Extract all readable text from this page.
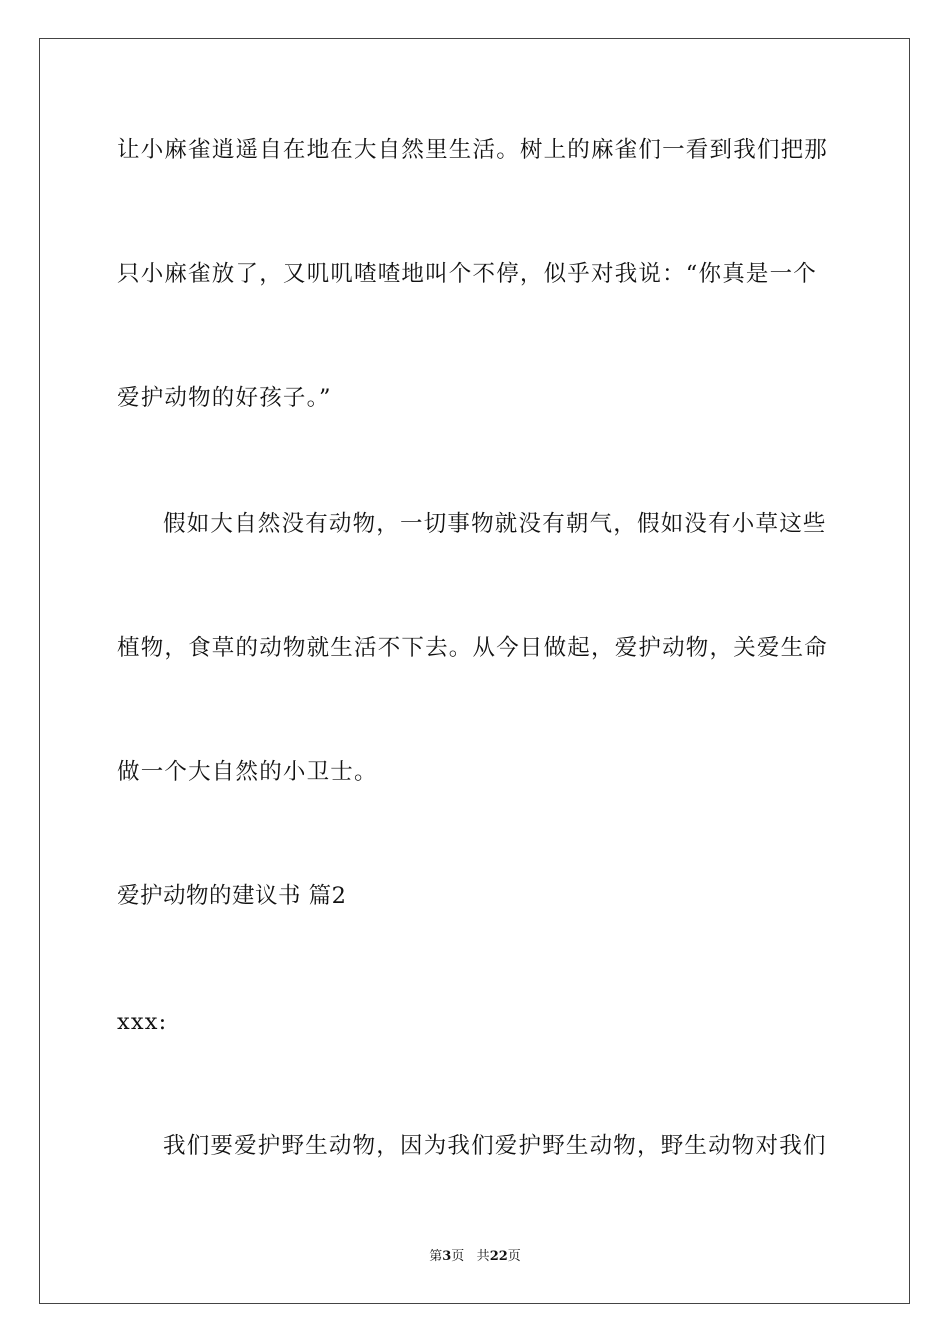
让小麻雀逍遥自在地在大自然里生活。树上的麻雀们一看到我们把那
只小麻雀放了，又叽叽喳喳地叫个不停，似乎对我说：“你真是一个
爱护动物的好孩子。”
假如大自然没有动物，一切事物就没有朝气，假如没有小草这些
植物，食草的动物就生活不下去。从今日做起，爱护动物，关爱生命
做一个大自然的小卫士。
爱护动物的建议书 篇2
xxx:
我们要爱护野生动物，因为我们爱护野生动物，野生动物对我们
第3页 共22页
